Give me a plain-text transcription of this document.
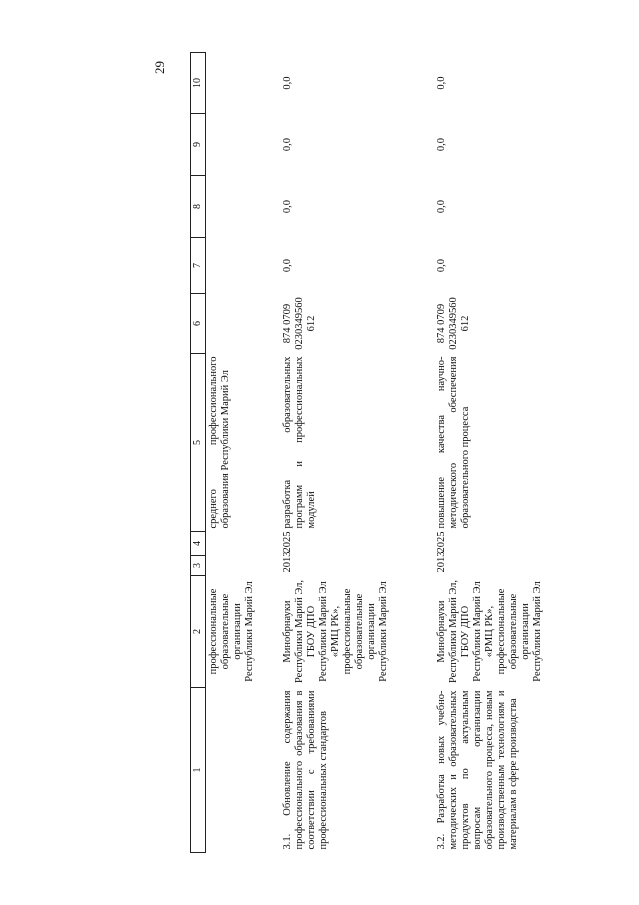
29
1	2	3	4	5	6	7	8	9	10
	профессиональные образовательные организации Республики Марий Эл			среднего профессионального образования Республики Марий Эл					
3.1. Обновление содержания профессионального образования в соответствии с требованиями профессиональных стандартов	Минобрнауки Республики Марий Эл, ГБОУ ДПО Республики Марий Эл «РМЦ РК», профессиональные образовательные организации Республики Марий Эл	2013	2025	разработка образовательных программ и профессиональных модулей	874 0709 0230349560 612	0,0	0,0	0,0	0,0
3.2. Разработка новых учебно-методических и образовательных продуктов по актуальным вопросам организации образовательного процесса, новым производственным технологиям и материалам в сфере производства	Минобрнауки Республики Марий Эл, ГБОУ ДПО Республики Марий Эл «РМЦ РК», профессиональные образовательные организации Республики Марий Эл	2013	2025	повышение качества научно-методического обеспечения образовательного процесса	874 0709 0230349560 612	0,0	0,0	0,0	0,0
